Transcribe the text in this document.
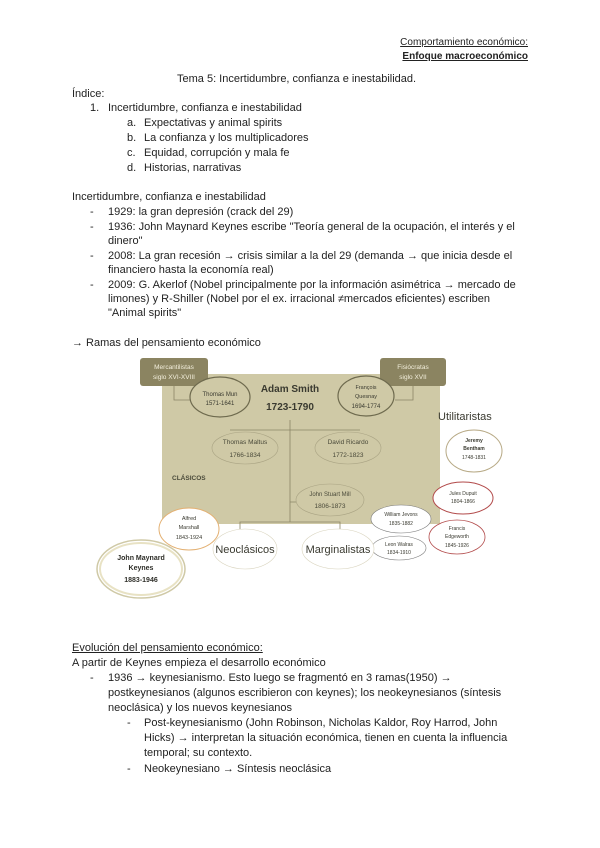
Comportamiento económico:
Enfoque macroeconómico
Tema 5: Incertidumbre, confianza e inestabilidad.
Índice:
1. Incertidumbre, confianza e inestabilidad
a. Expectativas y animal spirits
b. La confianza y los multiplicadores
c. Equidad, corrupción y mala fe
d. Historias, narrativas
Incertidumbre, confianza e inestabilidad
- 1929: la gran depresión (crack del 29)
- 1936: John Maynard Keynes escribe "Teoría general de la ocupación, el interés y el
dinero"
- 2008: La gran recesión → crisis similar a la del 29 (demanda → que inicia desde el
financiero hasta la economía real)
- 2009: G. Akerlof (Nobel principalmente por la información asimétrica → mercado de
limones) y R-Shiller (Nobel por el ex. irracional ≠mercados eficientes) escriben
"Animal spirits"
→ Ramas del pensamiento económico
Mercantilistas
siglo XVI-XVIII
Fisiócratas
siglo XVII
Thomas Mun
1571-1641
Adam Smith
1723-1790
François
Quesnay
1694-1774
Thomas Maltus
1766-1834
David Ricardo
1772-1823
CLÁSICOS
John Stuart Mill
1806-1873
Utilitaristas
Jeremy
Bentham
1748-1831
Jules Dupuit
1804-1866
William Jevons
1835-1882
Francis
Edgeworth
1845-1926
Leon Walras
1834-1910
Alfred
Marshall
1843-1924
John Maynard
Keynes
1883-1946
Neoclásicos	Marginalistas
Evolución del pensamiento económico:
A partir de Keynes empieza el desarrollo económico
- 1936 → keynesianismo. Esto luego se fragmentó en 3 ramas(1950) →
postkeynesianos (algunos escribieron con keynes); los neokeynesianos (síntesis
neoclásica) y los nuevos keynesianos
- Post-keynesianismo (John Robinson, Nicholas Kaldor, Roy Harrod, John
Hicks) → interpretan la situación económica, tienen en cuenta la influencia
temporal; su contexto.
- Neokeynesiano → Síntesis neoclásica
